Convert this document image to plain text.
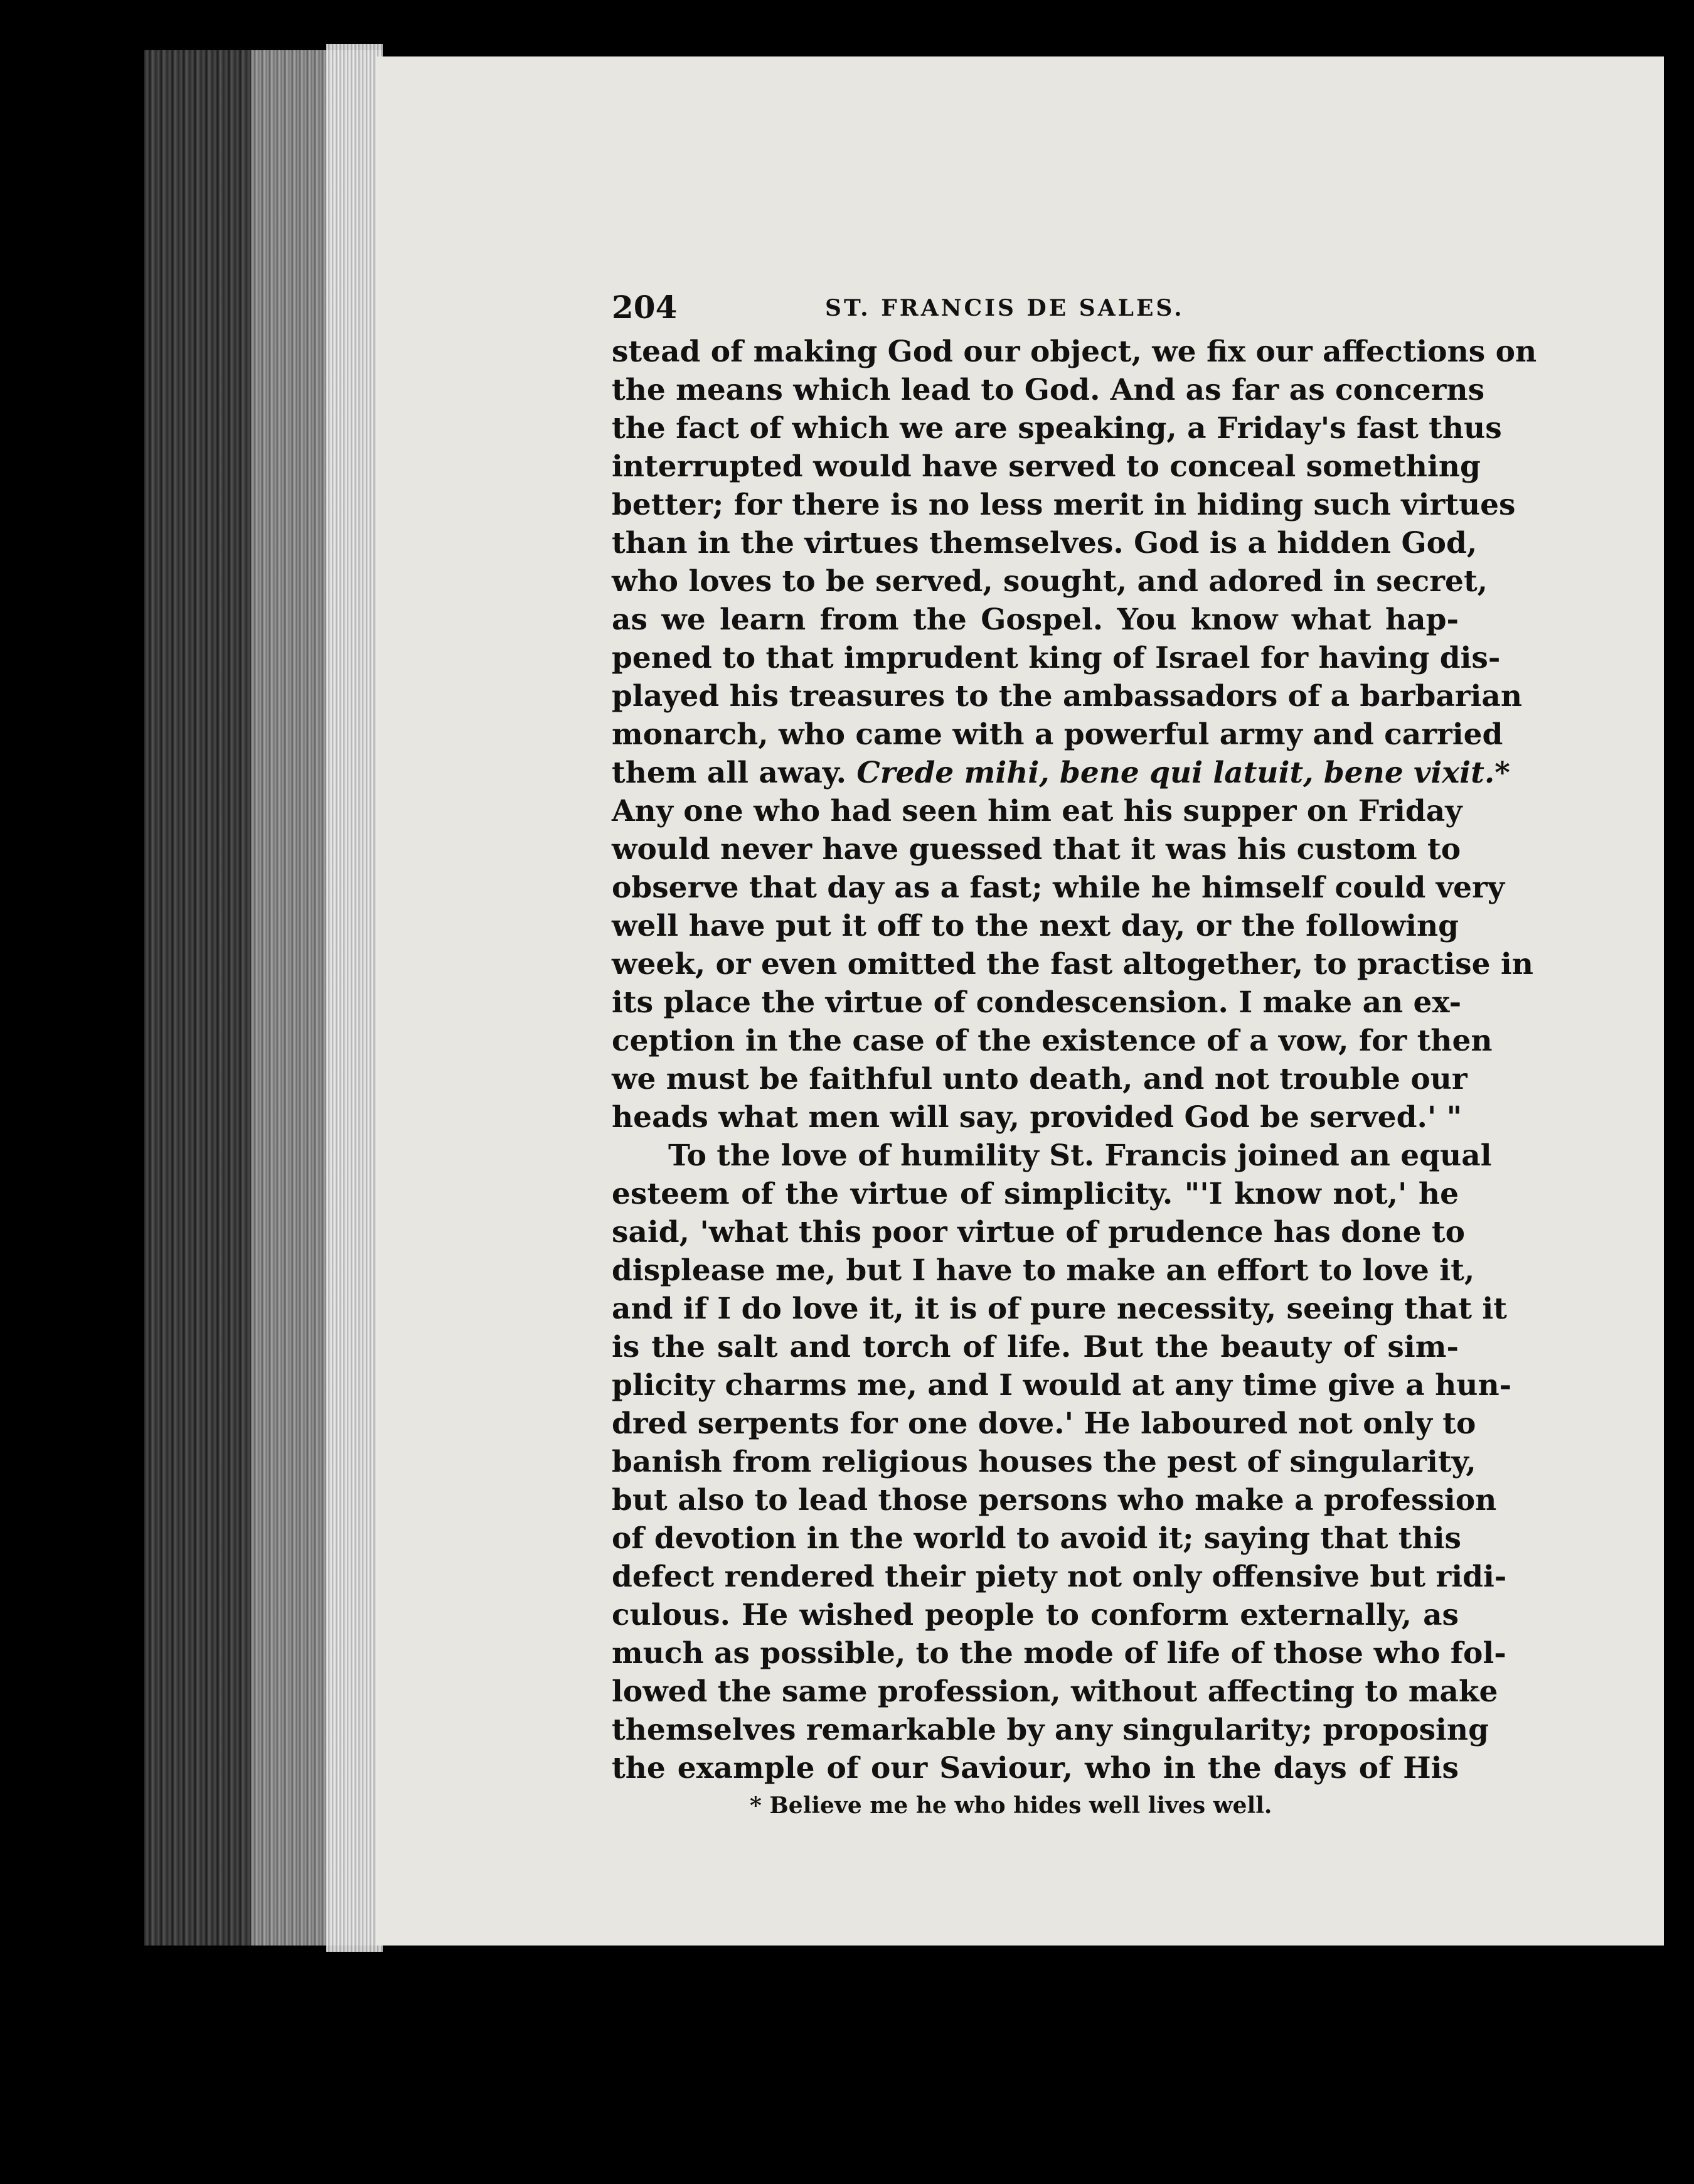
204	ST. FRANCIS DE SALES.
stead of making God our object, we fix our affections on
the means which lead to God. And as far as concerns
the fact of which we are speaking, a Friday's fast thus
interrupted would have served to conceal something
better; for there is no less merit in hiding such virtues
than in the virtues themselves. God is a hidden God,
who loves to be served, sought, and adored in secret,
as we learn from the Gospel. You know what hap-
pened to that imprudent king of Israel for having dis-
played his treasures to the ambassadors of a barbarian
monarch, who came with a powerful army and carried
them all away. Crede mihi, bene qui latuit, bene vixit.*
Any one who had seen him eat his supper on Friday
would never have guessed that it was his custom to
observe that day as a fast; while he himself could very
well have put it off to the next day, or the following
week, or even omitted the fast altogether, to practise in
its place the virtue of condescension. I make an ex-
ception in the case of the existence of a vow, for then
we must be faithful unto death, and not trouble our
heads what men will say, provided God be served.' "
To the love of humility St. Francis joined an equal
esteem of the virtue of simplicity. "'I know not,' he
said, 'what this poor virtue of prudence has done to
displease me, but I have to make an effort to love it,
and if I do love it, it is of pure necessity, seeing that it
is the salt and torch of life. But the beauty of sim-
plicity charms me, and I would at any time give a hun-
dred serpents for one dove.' He laboured not only to
banish from religious houses the pest of singularity,
but also to lead those persons who make a profession
of devotion in the world to avoid it; saying that this
defect rendered their piety not only offensive but ridi-
culous. He wished people to conform externally, as
much as possible, to the mode of life of those who fol-
lowed the same profession, without affecting to make
themselves remarkable by any singularity; proposing
the example of our Saviour, who in the days of His
* Believe me he who hides well lives well.
